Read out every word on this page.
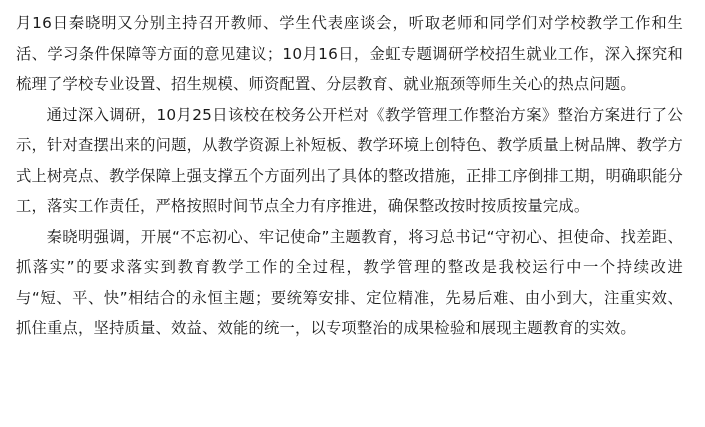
月16日秦晓明又分别主持召开教师、学生代表座谈会，听取老师和同学们对学校教学工作和生活、学习条件保障等方面的意见建议；10月16日，金虹专题调研学校招生就业工作，深入探究和梳理了学校专业设置、招生规模、师资配置、分层教育、就业瓶颈等师生关心的热点问题。

通过深入调研，10月25日该校在校务公开栏对《教学管理工作整治方案》整治方案进行了公示，针对查摆出来的问题，从教学资源上补短板、教学环境上创特色、教学质量上树品牌、教学方式上树亮点、教学保障上强支撑五个方面列出了具体的整改措施，正排工序倒排工期，明确职能分工，落实工作责任，严格按照时间节点全力有序推进，确保整改按时按质按量完成。

秦晓明强调，开展“不忘初心、牢记使命”主题教育，将习总书记“守初心、担使命、找差距、抓落实”的要求落实到教育教学工作的全过程，教学管理的整改是我校运行中一个持续改进与“短、平、快”相结合的永恒主题；要统筹安排、定位精准，先易后难、由小到大，注重实效、抓住重点，坚持质量、效益、效能的统一，以专项整治的成果检验和展现主题教育的实效。
